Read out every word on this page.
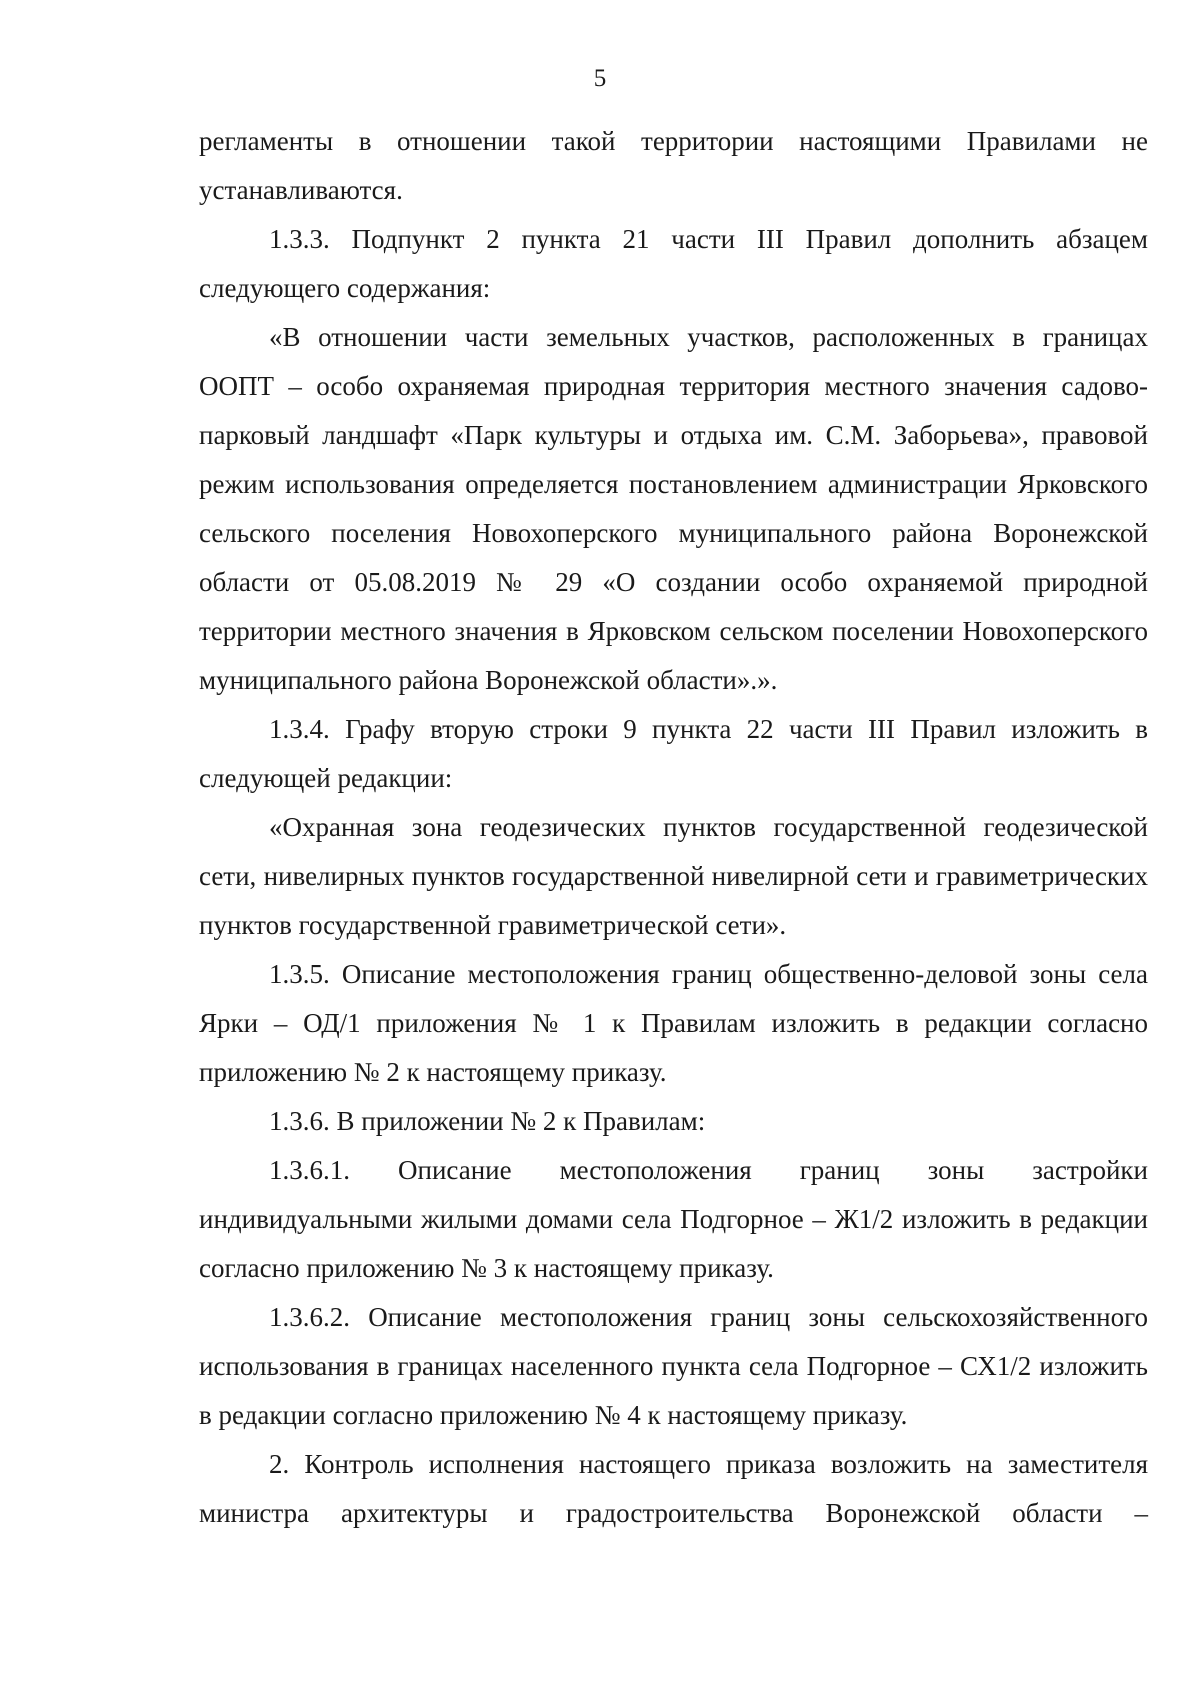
5

регламенты в отношении такой территории настоящими Правилами не устанавливаются.

1.3.3. Подпункт 2 пункта 21 части III Правил дополнить абзацем следующего содержания:

«В отношении части земельных участков, расположенных в границах ООПТ – особо охраняемая природная территория местного значения садово-парковый ландшафт «Парк культуры и отдыха им. С.М. Заборьева», правовой режим использования определяется постановлением администрации Ярковского сельского поселения Новохоперского муниципального района Воронежской области от 05.08.2019 № 29 «О создании особо охраняемой природной территории местного значения в Ярковском сельском поселении Новохоперского муниципального района Воронежской области».».

1.3.4. Графу вторую строки 9 пункта 22 части III Правил изложить в следующей редакции:

«Охранная зона геодезических пунктов государственной геодезической сети, нивелирных пунктов государственной нивелирной сети и гравиметрических пунктов государственной гравиметрической сети».

1.3.5. Описание местоположения границ общественно-деловой зоны села Ярки – ОД/1 приложения № 1 к Правилам изложить в редакции согласно приложению № 2 к настоящему приказу.

1.3.6. В приложении № 2 к Правилам:

1.3.6.1. Описание местоположения границ зоны застройки индивидуальными жилыми домами села Подгорное – Ж1/2 изложить в редакции согласно приложению № 3 к настоящему приказу.

1.3.6.2. Описание местоположения границ зоны сельскохозяйственного использования в границах населенного пункта села Подгорное – СХ1/2 изложить в редакции согласно приложению № 4 к настоящему приказу.

2. Контроль исполнения настоящего приказа возложить на заместителя министра архитектуры и градостроительства Воронежской области –
